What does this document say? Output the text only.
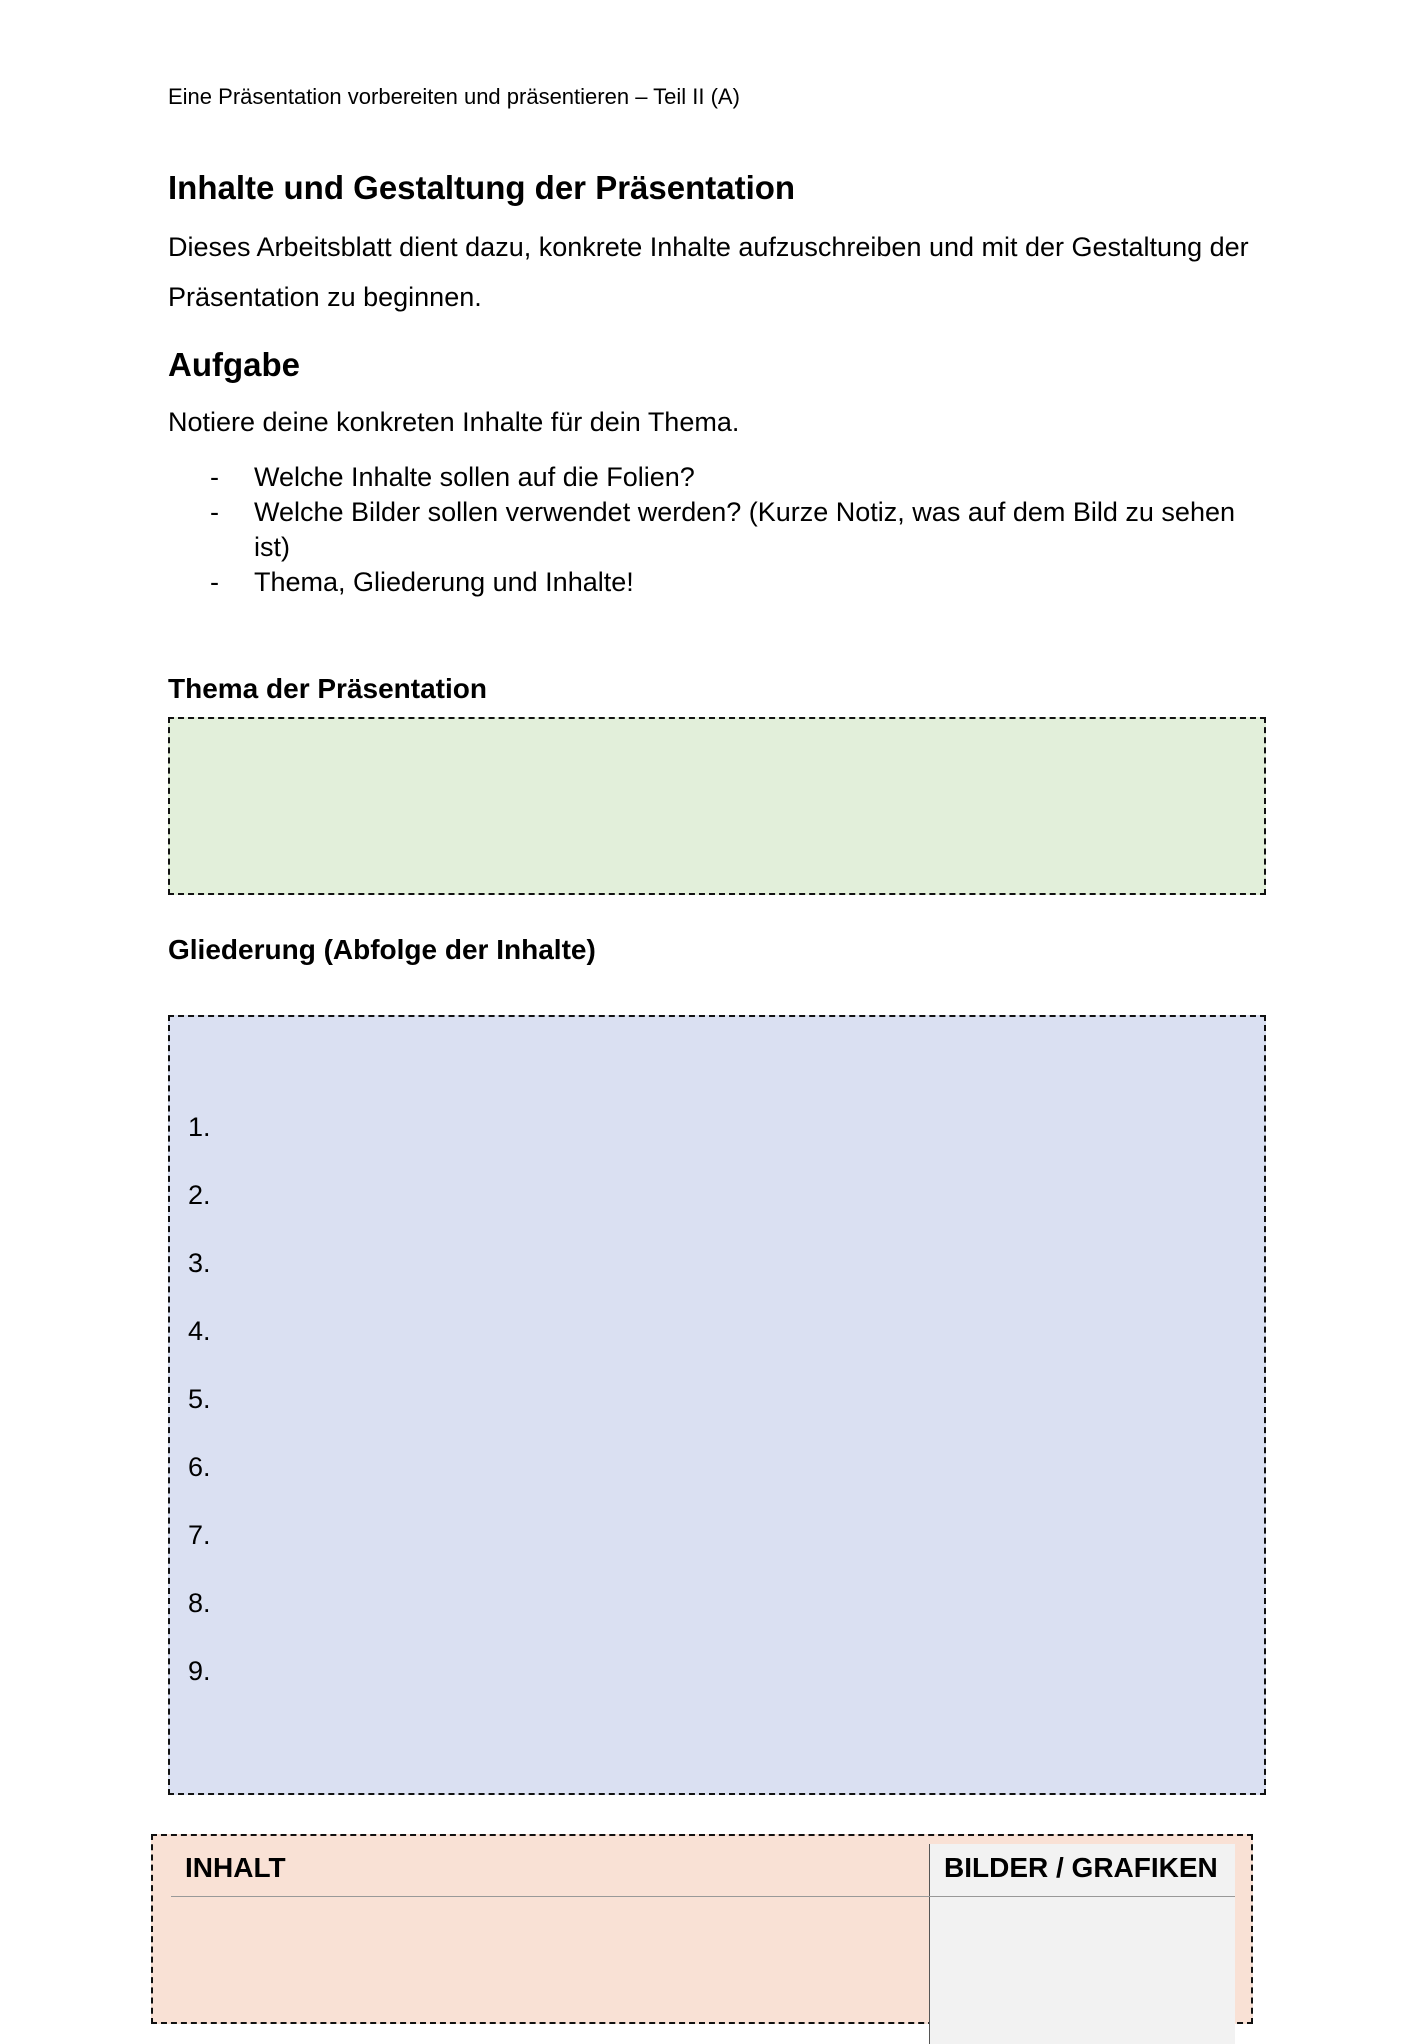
Eine Präsentation vorbereiten und präsentieren – Teil II (A)
Inhalte und Gestaltung der Präsentation
Dieses Arbeitsblatt dient dazu, konkrete Inhalte aufzuschreiben und mit der Gestaltung der Präsentation zu beginnen.
Aufgabe
Notiere deine konkreten Inhalte für dein Thema.
- Welche Inhalte sollen auf die Folien?
- Welche Bilder sollen verwendet werden? (Kurze Notiz, was auf dem Bild zu sehen ist)
- Thema, Gliederung und Inhalte!
Thema der Präsentation
Gliederung (Abfolge der Inhalte)
1.
2.
3.
4.
5.
6.
7.
8.
9.
INHALT	BILDER / GRAFIKEN
